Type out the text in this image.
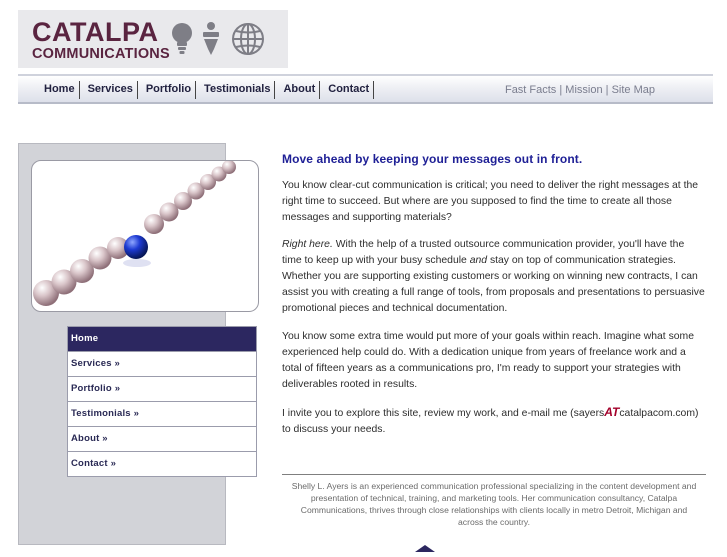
CATALPA
COMMUNICATIONS
Home	Services	Portfolio	Testimonials	About	Contact	Fast Facts | Mission | Site Map
Home
Services »
Portfolio »
Testimonials »
About »
Contact »
Move ahead by keeping your messages out in front.

You know clear-cut communication is critical; you need to deliver the right messages at the right time to succeed. But where are you supposed to find the time to create all those messages and supporting materials?

Right here. With the help of a trusted outsource communication provider, you'll have the time to keep up with your busy schedule and stay on top of communication strategies. Whether you are supporting existing customers or working on winning new contracts, I can assist you with creating a full range of tools, from proposals and presentations to persuasive promotional pieces and technical documentation.

You know some extra time would put more of your goals within reach. Imagine what some experienced help could do. With a dedication unique from years of freelance work and a total of fifteen years as a communications pro, I'm ready to support your strategies with deliverables rooted in results.

I invite you to explore this site, review my work, and e-mail me (sayersATcatalpacom.com) to discuss your needs.

Shelly L. Ayers is an experienced communication professional specializing in the content development and presentation of technical, training, and marketing tools. Her communication consultancy, Catalpa Communications, thrives through close relationships with clients locally in metro Detroit, Michigan and across the country.
